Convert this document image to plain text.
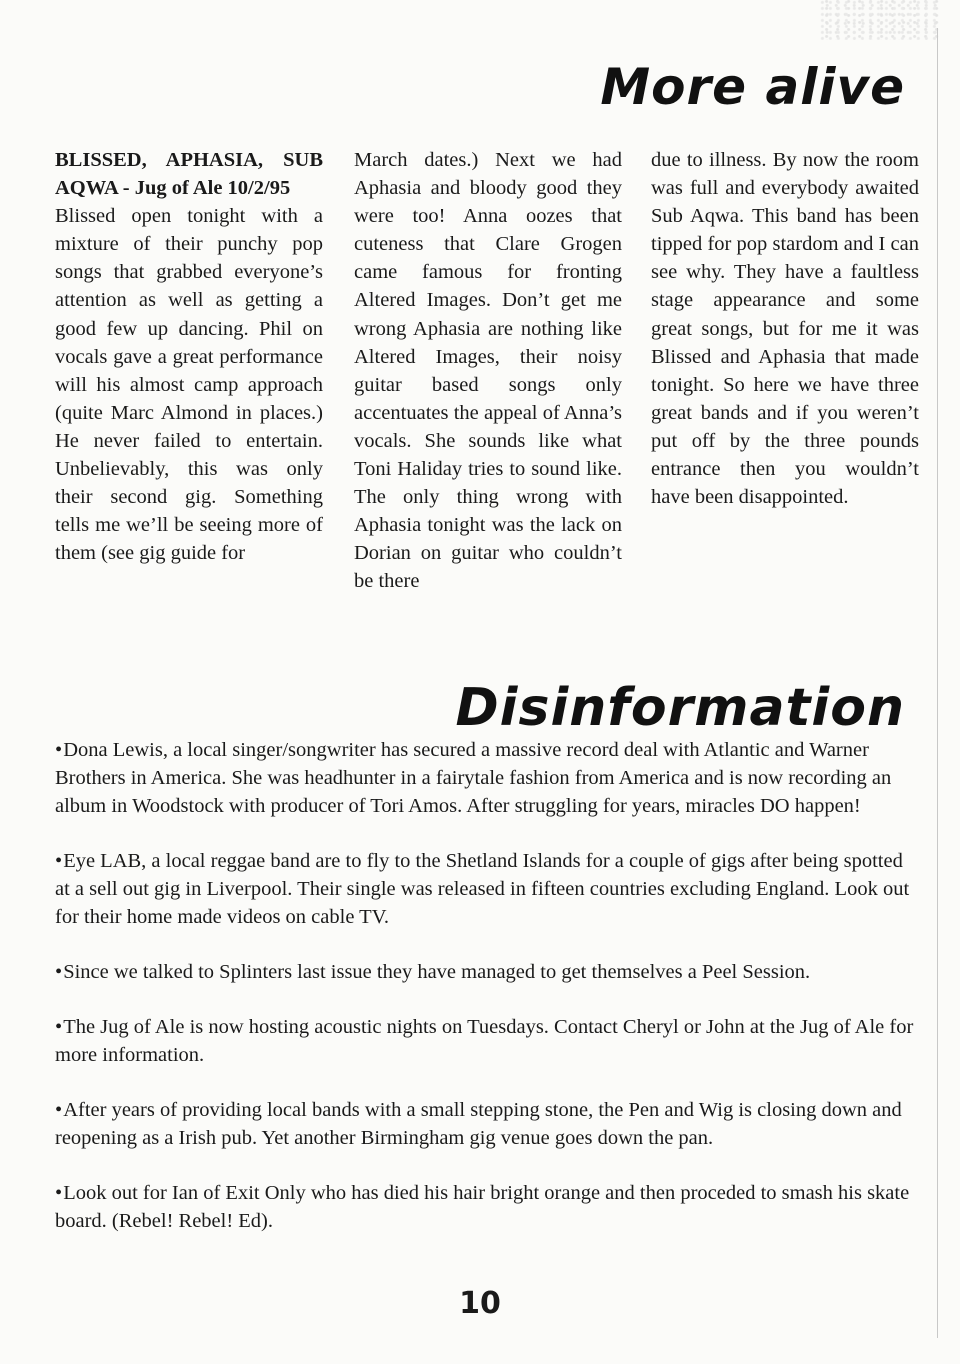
More alive

BLISSED, APHASIA, SUB AQWA - Jug of Ale 10/2/95
Blissed open tonight with a mixture of their punchy pop songs that grabbed everyone’s attention as well as getting a good few up dancing. Phil on vocals gave a great performance will his almost camp approach (quite Marc Almond in places.) He never failed to entertain. Unbelievably, this was only their second gig. Something tells me we’ll be seeing more of them (see gig guide for

March dates.) Next we had Aphasia and bloody good they were too! Anna oozes that cuteness that Clare Grogen came famous for fronting Altered Images. Don’t get me wrong Aphasia are nothing like Altered Images, their noisy guitar based songs only accentuates the appeal of Anna’s vocals. She sounds like what Toni Haliday tries to sound like. The only thing wrong with Aphasia tonight was the lack on Dorian on guitar who couldn’t be there

due to illness. By now the room was full and everybody awaited Sub Aqwa. This band has been tipped for pop stardom and I can see why. They have a faultless stage appearance and some great songs, but for me it was Blissed and Aphasia that made tonight. So here we have three great bands and if you weren’t put off by the three pounds entrance then you wouldn’t have been disappointed.

Disinformation
• Dona Lewis, a local singer/songwriter has secured a massive record deal with Atlantic and Warner Brothers in America. She was headhunter in a fairytale fashion from America and is now recording an album in Woodstock with producer of Tori Amos. After struggling for years, miracles DO happen!
• Eye LAB, a local reggae band are to fly to the Shetland Islands for a couple of gigs after being spotted at a sell out gig in Liverpool. Their single was released in fifteen countries excluding England. Look out for their home made videos on cable TV.
• Since we talked to Splinters last issue they have managed to get themselves a Peel Session.
• The Jug of Ale is now hosting acoustic nights on Tuesdays. Contact Cheryl or John at the Jug of Ale for more information.
• After years of providing local bands with a small stepping stone, the Pen and Wig is closing down and reopening as a Irish pub. Yet another Birmingham gig venue goes down the pan.
• Look out for Ian of Exit Only who has died his hair bright orange and then proceded to smash his skate board. (Rebel! Rebel! Ed).
10
